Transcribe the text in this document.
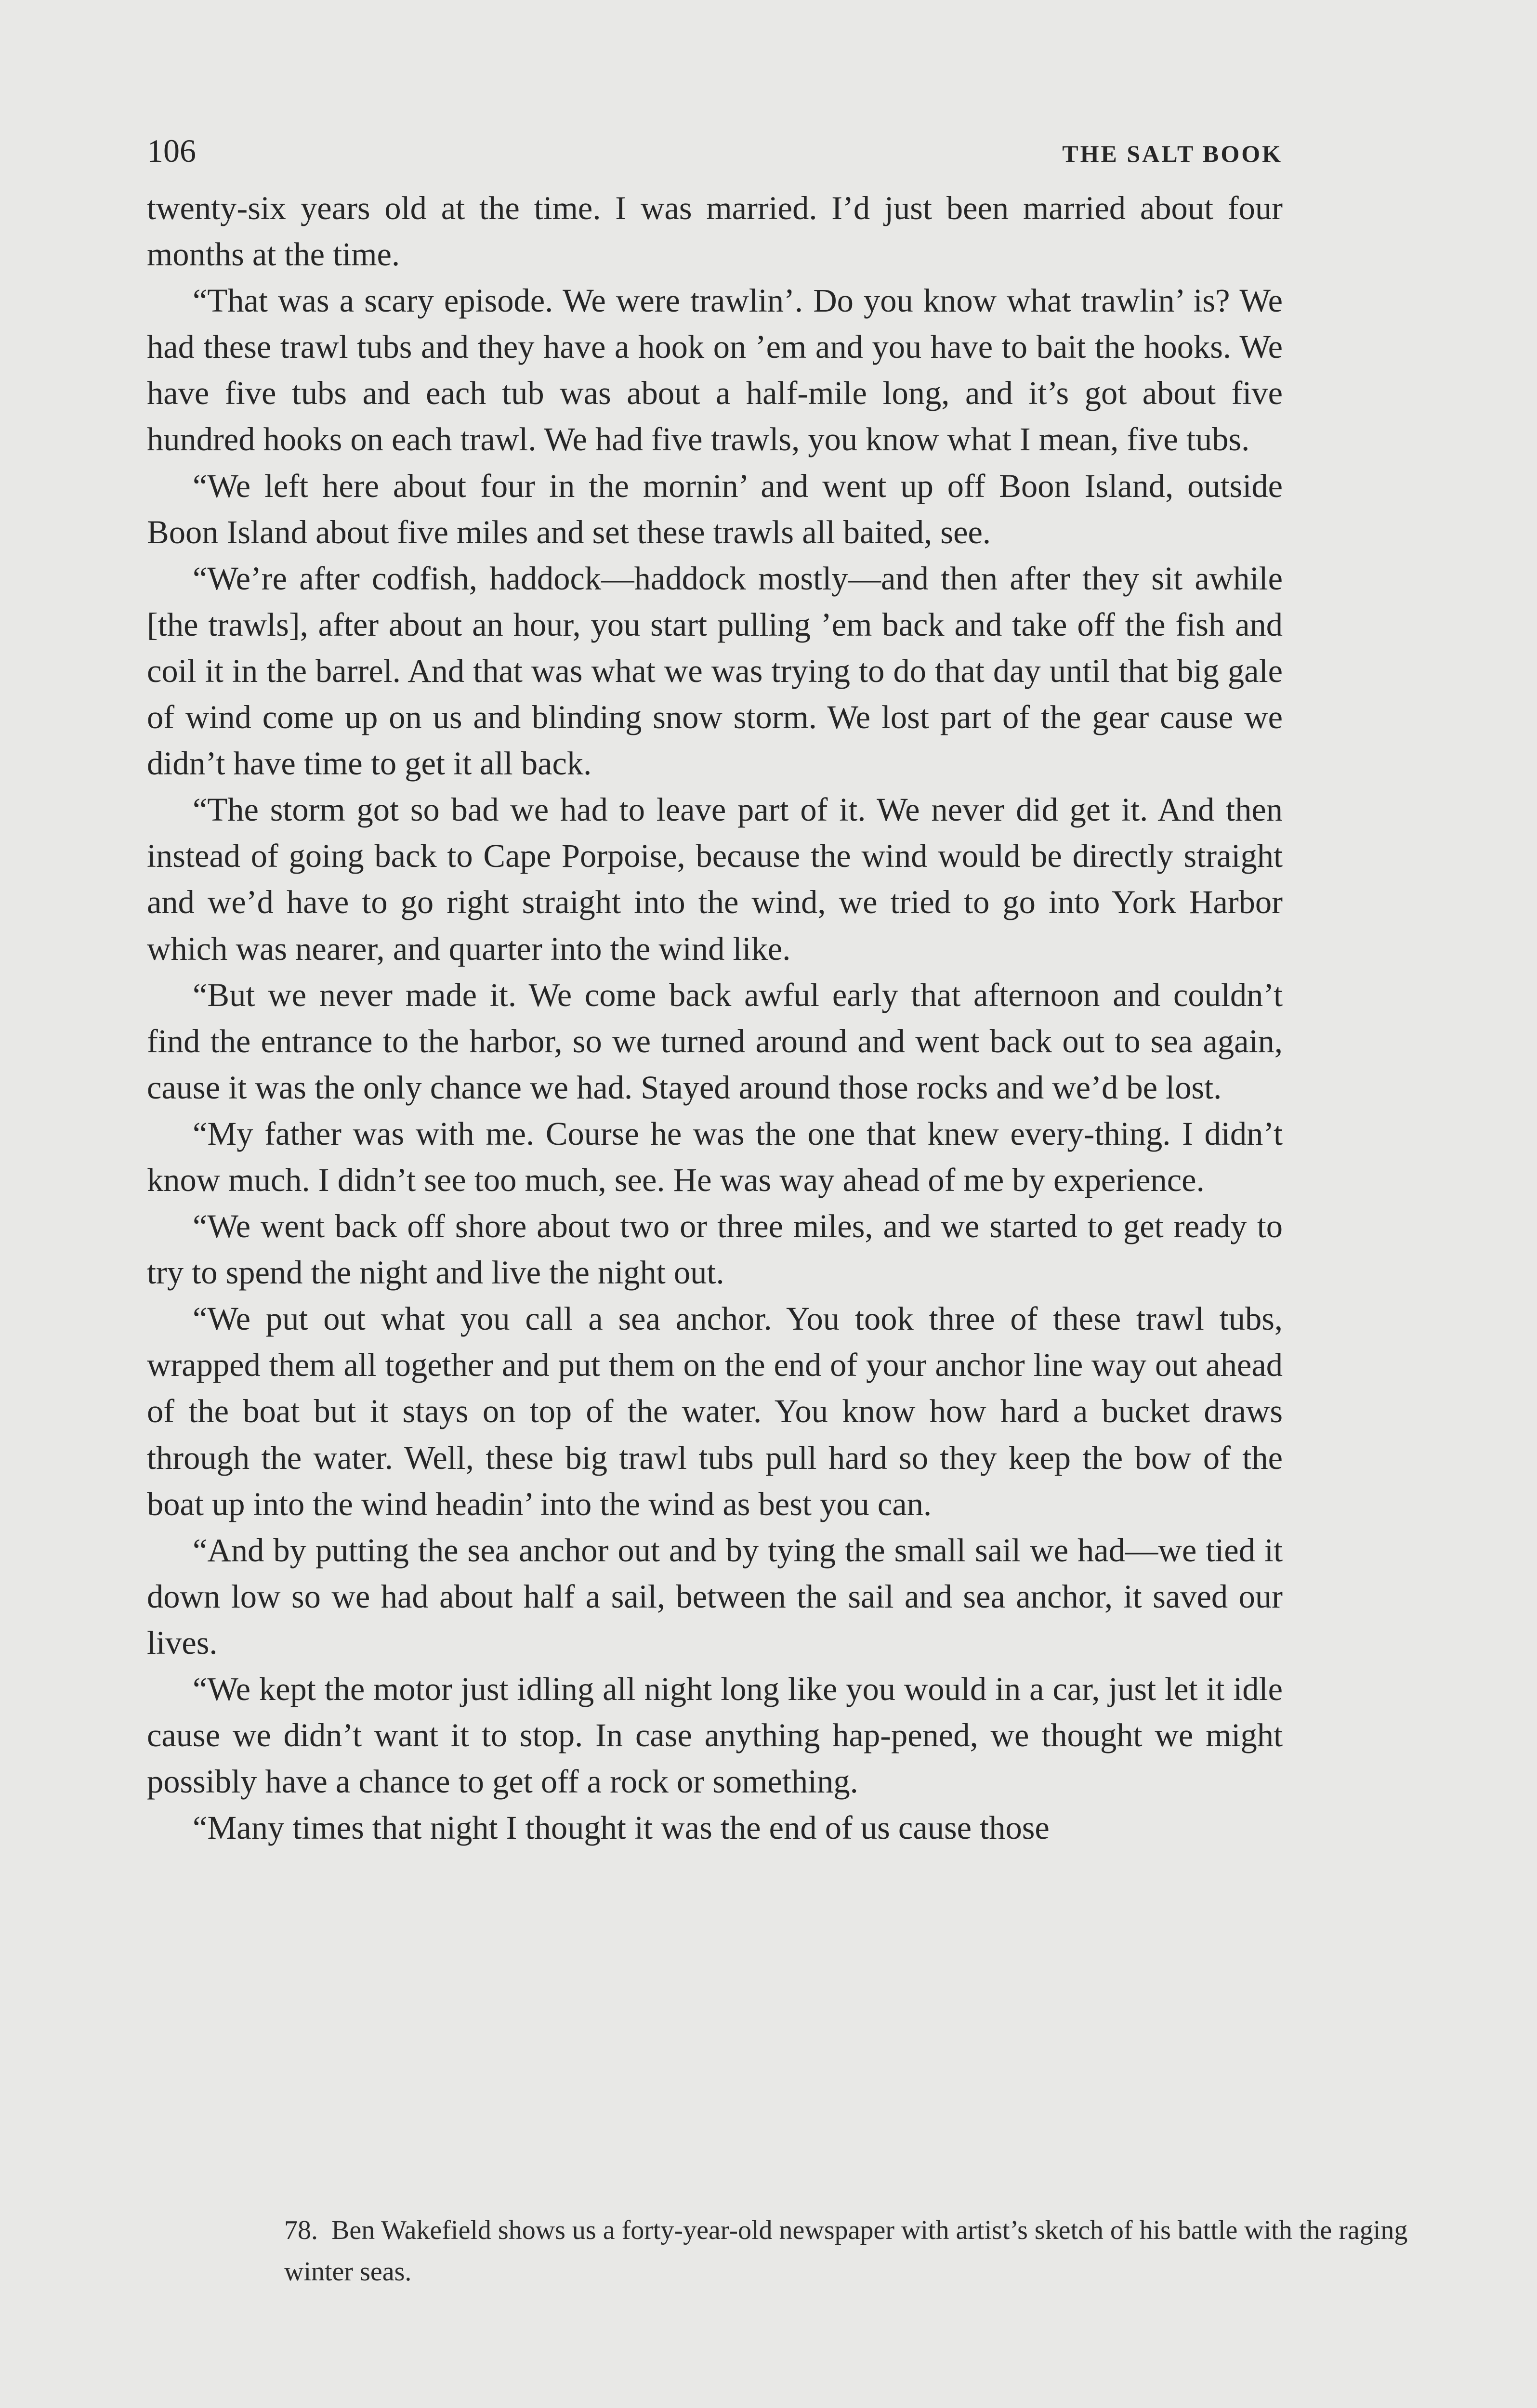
106	THE SALT BOOK

twenty-six years old at the time. I was married. I’d just been married about four months at the time.

“That was a scary episode. We were trawlin’. Do you know what trawlin’ is? We had these trawl tubs and they have a hook on ’em and you have to bait the hooks. We have five tubs and each tub was about a half-mile long, and it’s got about five hundred hooks on each trawl. We had five trawls, you know what I mean, five tubs.

“We left here about four in the mornin’ and went up off Boon Island, outside Boon Island about five miles and set these trawls all baited, see.

“We’re after codfish, haddock—haddock mostly—and then after they sit awhile [the trawls], after about an hour, you start pulling ’em back and take off the fish and coil it in the barrel. And that was what we was trying to do that day until that big gale of wind come up on us and blinding snow storm. We lost part of the gear cause we didn’t have time to get it all back.

“The storm got so bad we had to leave part of it. We never did get it. And then instead of going back to Cape Porpoise, because the wind would be directly straight and we’d have to go right straight into the wind, we tried to go into York Harbor which was nearer, and quarter into the wind like.

“But we never made it. We come back awful early that afternoon and couldn’t find the entrance to the harbor, so we turned around and went back out to sea again, cause it was the only chance we had. Stayed around those rocks and we’d be lost.

“My father was with me. Course he was the one that knew every-thing. I didn’t know much. I didn’t see too much, see. He was way ahead of me by experience.

“We went back off shore about two or three miles, and we started to get ready to try to spend the night and live the night out.

“We put out what you call a sea anchor. You took three of these trawl tubs, wrapped them all together and put them on the end of your anchor line way out ahead of the boat but it stays on top of the water. You know how hard a bucket draws through the water. Well, these big trawl tubs pull hard so they keep the bow of the boat up into the wind headin’ into the wind as best you can.

“And by putting the sea anchor out and by tying the small sail we had—we tied it down low so we had about half a sail, between the sail and sea anchor, it saved our lives.

“We kept the motor just idling all night long like you would in a car, just let it idle cause we didn’t want it to stop. In case anything hap-pened, we thought we might possibly have a chance to get off a rock or something.

“Many times that night I thought it was the end of us cause those

78. Ben Wakefield shows us a forty-year-old newspaper with artist’s sketch of his battle with the raging winter seas.
